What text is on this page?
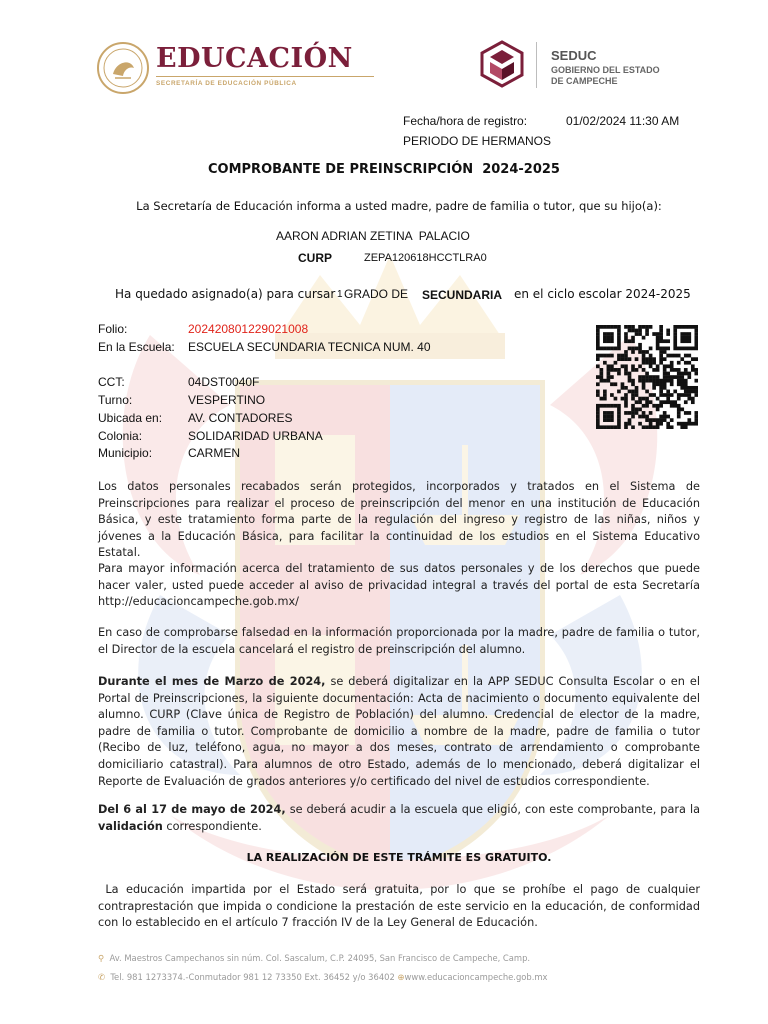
EDUCACIÓN
SECRETARÍA DE EDUCACIÓN PÚBLICA
SEDUC
GOBIERNO DEL ESTADO
DE CAMPECHE
Fecha/hora de registro:	01/02/2024 11:30 AM
PERIODO DE HERMANOS
COMPROBANTE DE PREINSCRIPCIÓN  2024-2025
La Secretaría de Educación informa a usted madre, padre de familia o tutor, que su hijo(a):
AARON ADRIAN ZETINA  PALACIO
CURP	ZEPA120618HCCTLRA0
Ha quedado asignado(a) para cursar 1 GRADO DE SECUNDARIA en el ciclo escolar 2024-2025
Folio:	202420801229021008
En la Escuela: ESCUELA SECUNDARIA TECNICA NUM. 40
CCT:	04DST0040F
Turno:	VESPERTINO
Ubicada en: AV. CONTADORES
Colonia:	SOLIDARIDAD URBANA
Municipio:	CARMEN
Los datos personales recabados serán protegidos, incorporados y tratados en el Sistema de Preinscripciones para realizar el proceso de preinscripción del menor en una institución de Educación Básica, y este tratamiento forma parte de la regulación del ingreso y registro de las niñas, niños y jóvenes a la Educación Básica, para facilitar la continuidad de los estudios en el Sistema Educativo Estatal.
Para mayor información acerca del tratamiento de sus datos personales y de los derechos que puede hacer valer, usted puede acceder al aviso de privacidad integral a través del portal de esta Secretaría http://educacioncampeche.gob.mx/
En caso de comprobarse falsedad en la información proporcionada por la madre, padre de familia o tutor, el Director de la escuela cancelará el registro de preinscripción del alumno.
Durante el mes de Marzo de 2024, se deberá digitalizar en la APP SEDUC Consulta Escolar o en el Portal de Preinscripciones, la siguiente documentación: Acta de nacimiento o documento equivalente del alumno. CURP (Clave única de Registro de Población) del alumno. Credencial de elector de la madre, padre de familia o tutor. Comprobante de domicilio a nombre de la madre, padre de familia o tutor (Recibo de luz, teléfono, agua, no mayor a dos meses, contrato de arrendamiento o comprobante domiciliario catastral). Para alumnos de otro Estado, además de lo mencionado, deberá digitalizar el Reporte de Evaluación de grados anteriores y/o certificado del nivel de estudios correspondiente.
Del 6 al 17 de mayo de 2024, se deberá acudir a la escuela que eligió, con este comprobante, para la validación correspondiente.
LA REALIZACIÓN DE ESTE TRÁMITE ES GRATUITO.
La educación impartida por el Estado será gratuita, por lo que se prohíbe el pago de cualquier contraprestación que impida o condicione la prestación de este servicio en la educación, de conformidad con lo establecido en el artículo 7 fracción IV de la Ley General de Educación.
⚲ Av. Maestros Campechanos sin núm. Col. Sascalum, C.P. 24095, San Francisco de Campeche, Camp.
✆ Tel. 981 1273374.-Conmutador 981 12 73350 Ext. 36452 y/o 36402 ⊕www.educacioncampeche.gob.mx
